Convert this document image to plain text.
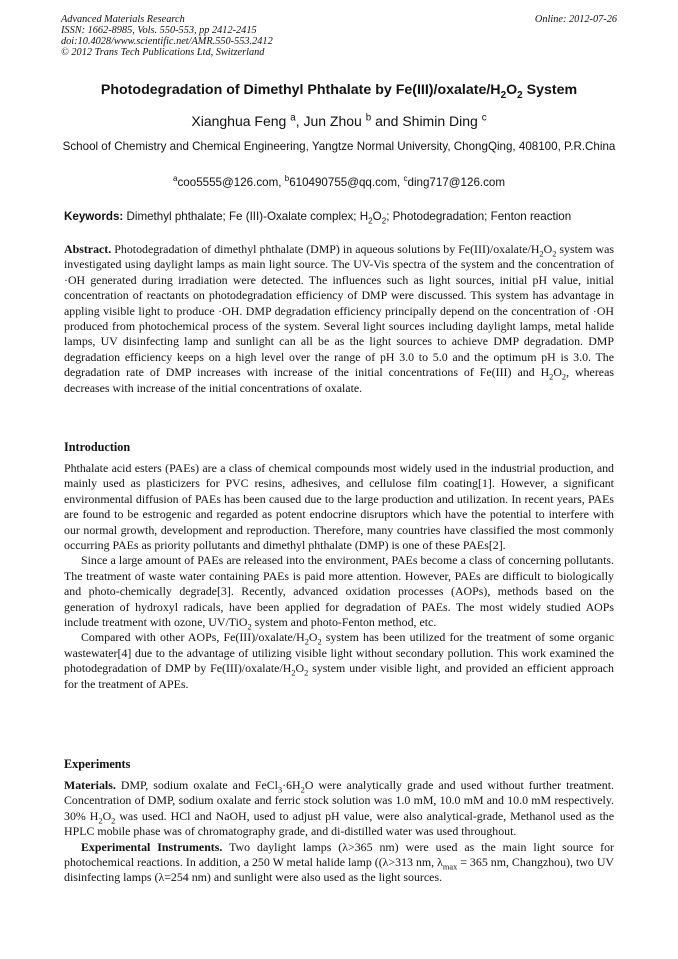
Advanced Materials Research
ISSN: 1662-8985, Vols. 550-553, pp 2412-2415
doi:10.4028/www.scientific.net/AMR.550-553.2412
© 2012 Trans Tech Publications Ltd, Switzerland
Online: 2012-07-26
Photodegradation of Dimethyl Phthalate by $Fe(III)/oxalate/H_2O_2$ System
Xianghua Feng $^a$, Jun Zhou $^b$ and Shimin Ding $^c$
School of Chemistry and Chemical Engineering, Yangtze Normal University, ChongQing, 408100, P.R.China
$^a$coo5555@126.com, $^b$610490755@qq.com, $^c$ding717@126.com
Keywords: Dimethyl phthalate; Fe (III)-Oxalate complex; $H_2O_2$; Photodegradation; Fenton reaction

Abstract. Photodegradation of dimethyl phthalate (DMP) in aqueous solutions by $Fe(III)/oxalate/H_2O_2$ system was investigated using daylight lamps as main light source. The UV-Vis spectra of the system and the concentration of ·OH generated during irradiation were detected. The influences such as light sources, initial pH value, initial concentration of reactants on photodegradation efficiency of DMP were discussed. This system has advantage in appling visible light to produce ·OH. DMP degradation efficiency principally depend on the concentration of ·OH produced from photochemical process of the system. Several light sources including daylight lamps, metal halide lamps, UV disinfecting lamp and sunlight can all be as the light sources to achieve DMP degradation. DMP degradation efficiency keeps on a high level over the range of pH 3.0 to 5.0 and the optimum pH is 3.0. The degradation rate of DMP increases with increase of the initial concentrations of Fe(III) and $H_2O_2$, whereas decreases with increase of the initial concentrations of oxalate.

Introduction

Phthalate acid esters (PAEs) are a class of chemical compounds most widely used in the industrial production, and mainly used as plasticizers for PVC resins, adhesives, and cellulose film coating[1]. However, a significant environmental diffusion of PAEs has been caused due to the large production and utilization. In recent years, PAEs are found to be estrogenic and regarded as potent endocrine disruptors which have the potential to interfere with our normal growth, development and reproduction. Therefore, many countries have classified the most commonly occurring PAEs as priority pollutants and dimethyl phthalate (DMP) is one of these PAEs[2].

Since a large amount of PAEs are released into the environment, PAEs become a class of concerning pollutants. The treatment of waste water containing PAEs is paid more attention. However, PAEs are difficult to biologically and photo-chemically degrade[3]. Recently, advanced oxidation processes (AOPs), methods based on the generation of hydroxyl radicals, have been applied for degradation of PAEs. The most widely studied AOPs include treatment with ozone, UV/TiO$_2$ system and photo-Fenton method, etc.

Compared with other AOPs, $Fe(III)/oxalate/H_2O_2$ system has been utilized for the treatment of some organic wastewater[4] due to the advantage of utilizing visible light without secondary pollution. This work examined the photodegradation of DMP by $Fe(III)/oxalate/H_2O_2$ system under visible light, and provided an efficient approach for the treatment of APEs.

Experiments

Materials. DMP, sodium oxalate and $FeCl_3\cdot 6H_2O$ were analytically grade and used without further treatment. Concentration of DMP, sodium oxalate and ferric stock solution was 1.0 mM, 10.0 mM and 10.0 mM respectively. 30% $H_2O_2$ was used. HCl and NaOH, used to adjust pH value, were also analytical-grade, Methanol used as the HPLC mobile phase was of chromatography grade, and di-distilled water was used throughout.

Experimental Instruments. Two daylight lamps (λ>365 nm) were used as the main light source for photochemical reactions. In addition, a 250 W metal halide lamp ((λ>313 nm, $\lambda_{max} = 365$ nm, Changzhou), two UV disinfecting lamps (λ=254 nm) and sunlight were also used as the light sources.
